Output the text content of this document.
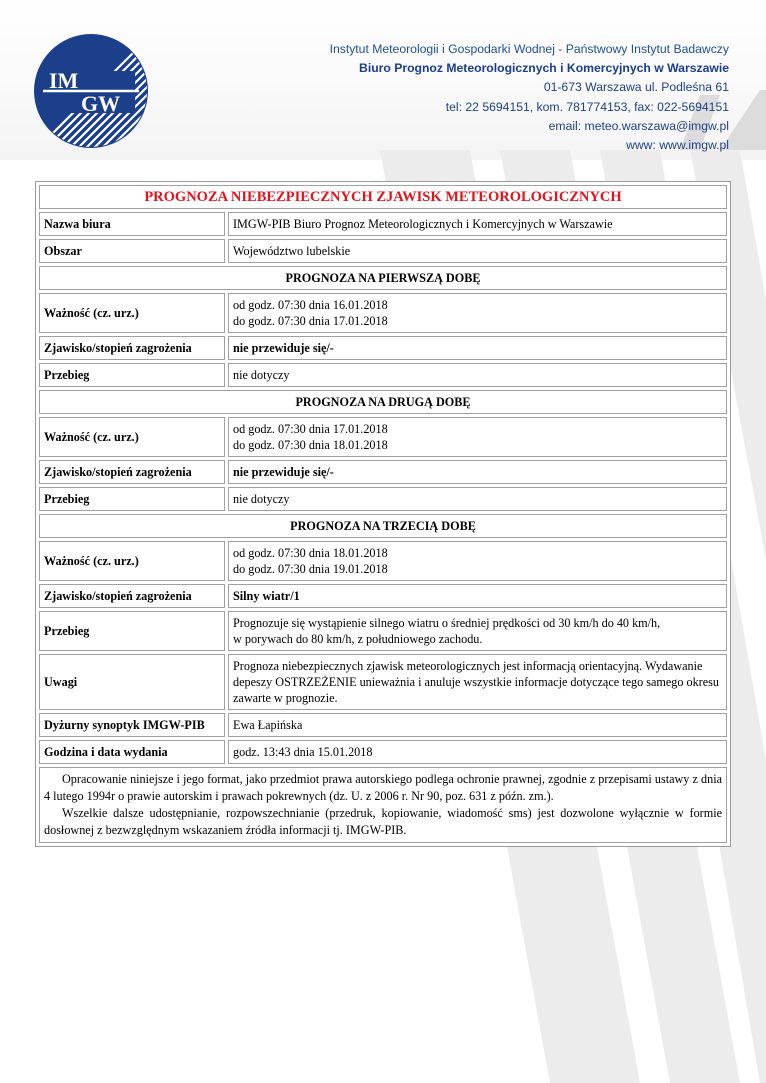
IM
GW
Instytut Meteorologii i Gospodarki Wodnej - Państwowy Instytut Badawczy
Biuro Prognoz Meteorologicznych i Komercyjnych w Warszawie
01-673 Warszawa ul. Podleśna 61
tel: 22 5694151, kom. 781774153, fax: 022-5694151
email: meteo.warszawa@imgw.pl
www: www.imgw.pl
PROGNOZA NIEBEZPIECZNYCH ZJAWISK METEOROLOGICZNYCH	
Nazwa biura	IMGW-PIB Biuro Prognoz Meteorologicznych i Komercyjnych w Warszawie
Obszar	Województwo lubelskie
PROGNOZA NA PIERWSZĄ DOBĘ	
Ważność (cz. urz.)	od godz. 07:30 dnia 16.01.2018
do godz. 07:30 dnia 17.01.2018

Zjawisko/stopień zagrożenia	nie przewiduje się/-
Przebieg	nie dotyczy
PROGNOZA NA DRUGĄ DOBĘ	
Ważność (cz. urz.)	od godz. 07:30 dnia 17.01.2018
do godz. 07:30 dnia 18.01.2018

Zjawisko/stopień zagrożenia	nie przewiduje się/-
Przebieg	nie dotyczy
PROGNOZA NA TRZECIĄ DOBĘ	
Ważność (cz. urz.)	od godz. 07:30 dnia 18.01.2018
do godz. 07:30 dnia 19.01.2018

Zjawisko/stopień zagrożenia	Silny wiatr/1
Przebieg	Prognozuje się wystąpienie silnego wiatru o średniej prędkości od 30 km/h do 40 km/h,
w porywach do 80 km/h, z południowego zachodu.

Uwagi	Prognoza niebezpiecznych zjawisk meteorologicznych jest informacją orientacyjną. Wydawanie depeszy OSTRZEŻENIE unieważnia i anuluje wszystkie informacje dotyczące tego samego okresu zawarte w prognozie.
Dyżurny synoptyk IMGW-PIB	Ewa Łapińska
Godzina i data wydania	godz. 13:43 dnia 15.01.2018

Opracowanie niniejsze i jego format, jako przedmiot prawa autorskiego podlega ochronie prawnej, zgodnie z przepisami ustawy z dnia 4 lutego 1994r o prawie autorskim i prawach pokrewnych (dz. U. z 2006 r. Nr 90, poz. 631 z późn. zm.).

Wszelkie dalsze udostępnianie, rozpowszechnianie (przedruk, kopiowanie, wiadomość sms) jest dozwolone wyłącznie w formie dosłownej z bezwzględnym wskazaniem źródła informacji tj. IMGW-PIB.	
